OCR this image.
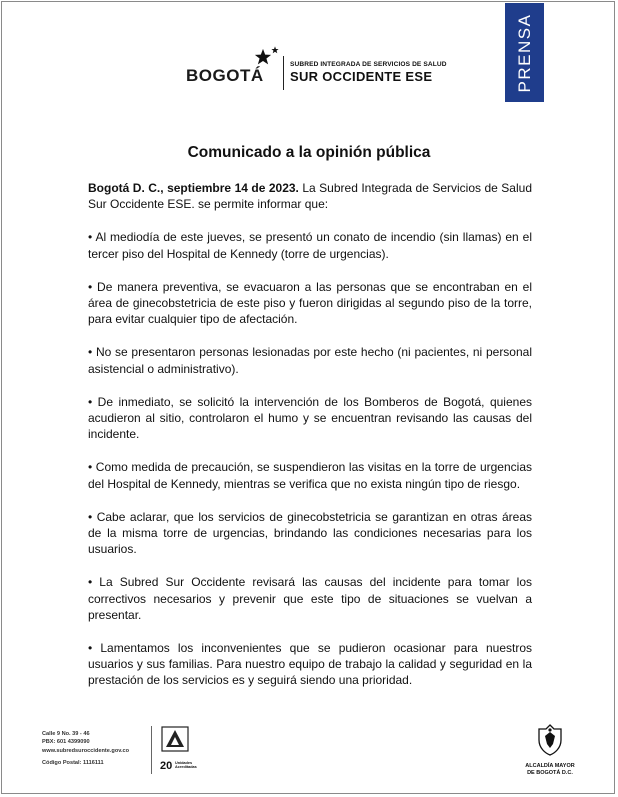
BOGOTÁ
SUBRED INTEGRADA DE SERVICIOS DE SALUD
SUR OCCIDENTE ESE	PRENSA
Comunicado a la opinión pública

Bogotá D. C., septiembre 14 de 2023. La Subred Integrada de Servicios de Salud Sur Occidente ESE. se permite informar que:

• Al mediodía de este jueves, se presentó un conato de incendio (sin llamas) en el tercer piso del Hospital de Kennedy (torre de urgencias).

• De manera preventiva, se evacuaron a las personas que se encontraban en el área de ginecobstetricia de este piso y fueron dirigidas al segundo piso de la torre, para evitar cualquier tipo de afectación.

• No se presentaron personas lesionadas por este hecho (ni pacientes, ni personal asistencial o administrativo).

• De inmediato, se solicitó la intervención de los Bomberos de Bogotá, quienes acudieron al sitio, controlaron el humo y se encuentran revisando las causas del incidente.

• Como medida de precaución, se suspendieron las visitas en la torre de urgencias del Hospital de Kennedy, mientras se verifica que no exista ningún tipo de riesgo.

• Cabe aclarar, que los servicios de ginecobstetricia se garantizan en otras áreas de la misma torre de urgencias, brindando las condiciones necesarias para los usuarios.

• La Subred Sur Occidente revisará las causas del incidente para tomar los correctivos necesarios y prevenir que este tipo de situaciones se vuelvan a presentar.

• Lamentamos los inconvenientes que se pudieron ocasionar para nuestros usuarios y sus familias. Para nuestro equipo de trabajo la calidad y seguridad en la prestación de los servicios es y seguirá siendo una prioridad.

Calle 9 No. 39 - 46
PBX: 601 4399090
www.subredsuroccidente.gov.co
Código Postal: 1116111	20 Unidades Acreditadas	ALCALDÍA MAYOR
DE BOGOTÁ D.C.
